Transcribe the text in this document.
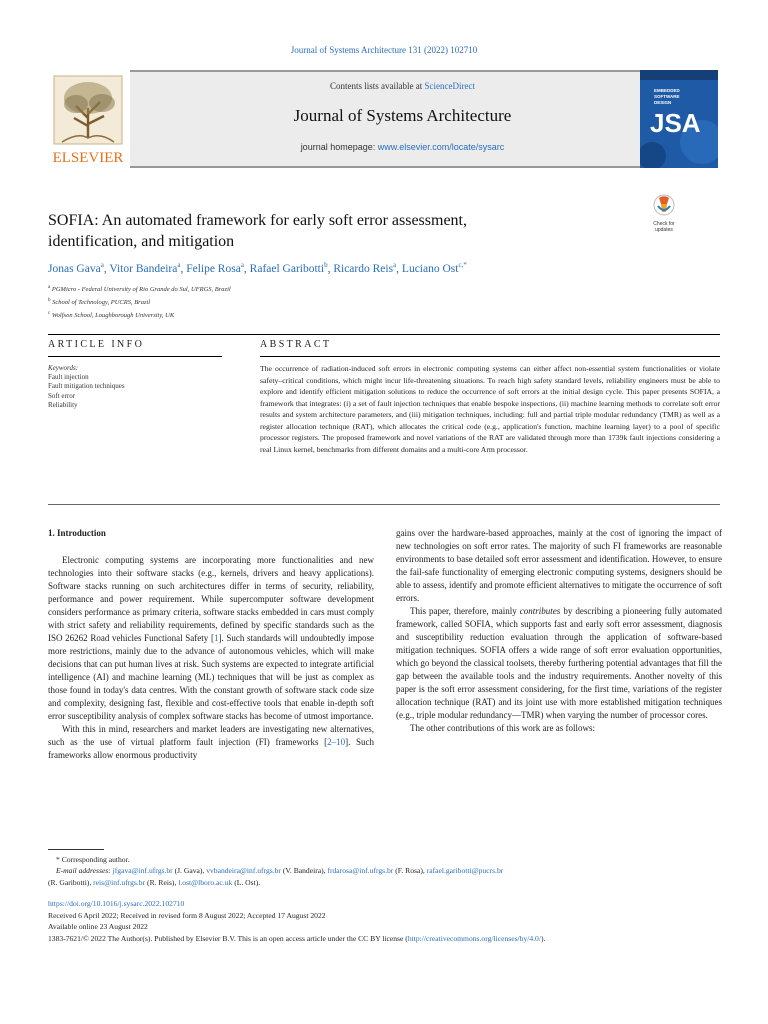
Journal of Systems Architecture 131 (2022) 102710
ELSEVIER
Contents lists available at ScienceDirect
Journal of Systems Architecture
journal homepage: www.elsevier.com/locate/sysarc
EMBEDDED
SOFTWARE
DESIGN
JSA
SOFIA: An automated framework for early soft error assessment,
identification, and mitigation
Check for
updates
Jonas Gava$^a$, Vitor Bandeira$^a$, Felipe Rosa$^a$, Rafael Garibotti$^b$, Ricardo Reis$^a$, Luciano Ost$^{c,*}$
$^a$ PGMicro - Federal University of Rio Grande do Sul, UFRGS, Brazil
$^b$ School of Technology, PUCRS, Brazil
$^c$ Wolfson School, Loughborough University, UK
ARTICLE INFO	ABSTRACT
Keywords:
Fault injection
Fault mitigation techniques
Soft error
Reliability
The occurrence of radiation-induced soft errors in electronic computing systems can either affect non-essential system functionalities or violate safety–critical conditions, which might incur life-threatening situations. To reach high safety standard levels, reliability engineers must be able to explore and identify efficient mitigation solutions to reduce the occurrence of soft errors at the initial design cycle. This paper presents SOFIA, a framework that integrates: (i) a set of fault injection techniques that enable bespoke inspections, (ii) machine learning methods to correlate soft error results and system architecture parameters, and (iii) mitigation techniques, including: full and partial triple modular redundancy (TMR) as well as a register allocation technique (RAT), which allocates the critical code (e.g., application's function, machine learning layer) to a pool of specific processor registers. The proposed framework and novel variations of the RAT are validated through more than 1739k fault injections considering a real Linux kernel, benchmarks from different domains and a multi-core Arm processor.

1. Introduction

Electronic computing systems are incorporating more functionalities and new technologies into their software stacks (e.g., kernels, drivers and heavy applications). Software stacks running on such architectures differ in terms of security, reliability, performance and power requirement. While supercomputer software development considers performance as primary criteria, software stacks embedded in cars must comply with strict safety and reliability requirements, defined by specific standards such as the ISO 26262 Road vehicles Functional Safety [1]. Such standards will undoubtedly impose more restrictions, mainly due to the advance of autonomous vehicles, which will make decisions that can put human lives at risk. Such systems are expected to integrate artificial intelligence (AI) and machine learning (ML) techniques that will be just as complex as those found in today's data centres. With the constant growth of software stack code size and complexity, designing fast, flexible and cost-effective tools that enable in-depth soft error susceptibility analysis of complex software stacks has become of utmost importance.

With this in mind, researchers and market leaders are investigating new alternatives, such as the use of virtual platform fault injection (FI) frameworks [2–10]. Such frameworks allow enormous productivity

gains over the hardware-based approaches, mainly at the cost of ignoring the impact of new technologies on soft error rates. The majority of such FI frameworks are reasonable environments to base detailed soft error assessment and identification. However, to ensure the fail-safe functionality of emerging electronic computing systems, designers should be able to assess, identify and promote efficient alternatives to mitigate the occurrence of soft errors.

This paper, therefore, mainly contributes by describing a pioneering fully automated framework, called SOFIA, which supports fast and early soft error assessment, diagnosis and susceptibility reduction evaluation through the application of software-based mitigation techniques. SOFIA offers a wide range of soft error evaluation opportunities, which go beyond the classical toolsets, thereby furthering potential advantages that fill the gap between the available tools and the industry requirements. Another novelty of this paper is the soft error assessment considering, for the first time, variations of the register allocation technique (RAT) and its joint use with more established mitigation techniques (e.g., triple modular redundancy—TMR) when varying the number of processor cores.

The other contributions of this work are as follows:

* Corresponding author.
E-mail addresses: jfgava@inf.ufrgs.br (J. Gava), vvbandeira@inf.ufrgs.br (V. Bandeira), frdarosa@inf.ufrgs.br (F. Rosa), rafael.garibotti@pucrs.br
(R. Garibotti), reis@inf.ufrgs.br (R. Reis), l.ost@lboro.ac.uk (L. Ost).
https://doi.org/10.1016/j.sysarc.2022.102710
Received 6 April 2022; Received in revised form 8 August 2022; Accepted 17 August 2022
Available online 23 August 2022
1383-7621/© 2022 The Author(s). Published by Elsevier B.V. This is an open access article under the CC BY license (http://creativecommons.org/licenses/by/4.0/).
